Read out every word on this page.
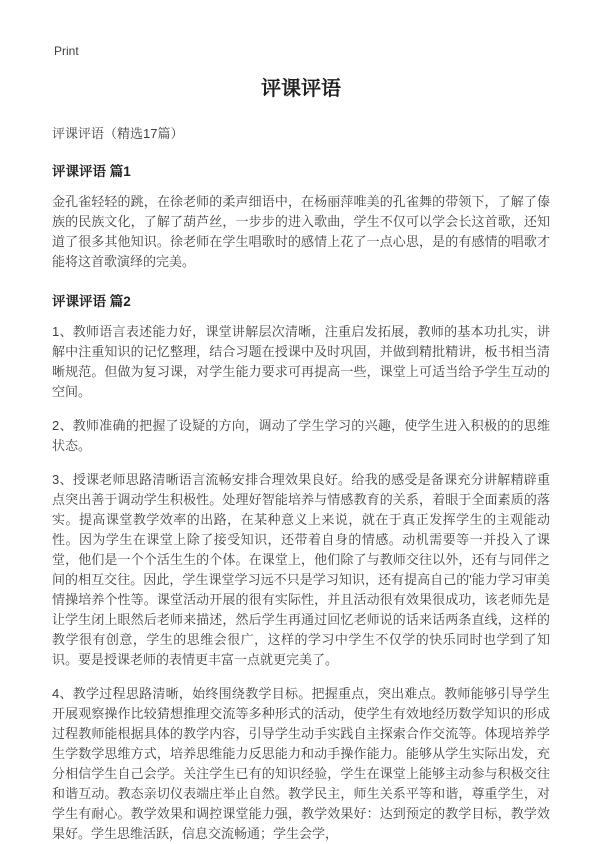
Print
评课评语

评课评语（精选17篇）

评课评语 篇1

金孔雀轻轻的跳，在徐老师的柔声细语中，在杨丽萍唯美的孔雀舞的带领下，了解了傣族的民族文化，了解了葫芦丝，一步步的进入歌曲，学生不仅可以学会长这首歌，还知道了很多其他知识。徐老师在学生唱歌时的感情上花了一点心思，是的有感情的唱歌才能将这首歌演绎的完美。

评课评语 篇2

1、教师语言表述能力好，课堂讲解层次清晰，注重启发拓展，教师的基本功扎实，讲解中注重知识的记忆整理，结合习题在授课中及时巩固，并做到精批精讲，板书相当清晰规范。但做为复习课，对学生能力要求可再提高一些，课堂上可适当给予学生互动的空间。

2、教师准确的把握了设疑的方向，调动了学生学习的兴趣，使学生进入积极的的思维状态。

3、授课老师思路清晰语言流畅安排合理效果良好。给我的感受是备课充分讲解精辟重点突出善于调动学生积极性。处理好智能培养与情感教育的关系，着眼于全面素质的落实。提高课堂教学效率的出路，在某种意义上来说，就在于真正发挥学生的主观能动性。因为学生在课堂上除了接受知识，还带着自身的情感。动机需要等一并投入了课堂，他们是一个个活生生的个体。在课堂上，他们除了与教师交往以外，还有与同伴之间的相互交往。因此，学生课堂学习远不只是学习知识，还有提高自己的'能力学习审美情操培养个性等。课堂活动开展的很有实际性，并且活动很有效果很成功，该老师先是让学生闭上眼然后老师来描述，然后学生再通过回忆老师说的话来话两条直线，这样的教学很有创意，学生的思维会很广，这样的学习中学生不仅学的快乐同时也学到了知识。要是授课老师的表情更丰富一点就更完美了。

4、教学过程思路清晰，始终围绕教学目标。把握重点，突出难点。教师能够引导学生开展观察操作比较猜想推理交流等多种形式的活动，使学生有效地经历数学知识的形成过程教师能根据具体的教学内容，引导学生动手实践自主探索合作交流等。体现培养学生学数学思维方式，培养思维能力反思能力和动手操作能力。能够从学生实际出发，充分相信学生自己会学。关注学生已有的知识经验，学生在课堂上能够主动参与积极交往和谐互动。教态亲切仪表端庄举止自然。教学民主，师生关系平等和谐，尊重学生，对学生有耐心。教学效果和调控课堂能力强，教学效果好：达到预定的教学目标，教学效果好。学生思维活跃，信息交流畅通；学生会学，
